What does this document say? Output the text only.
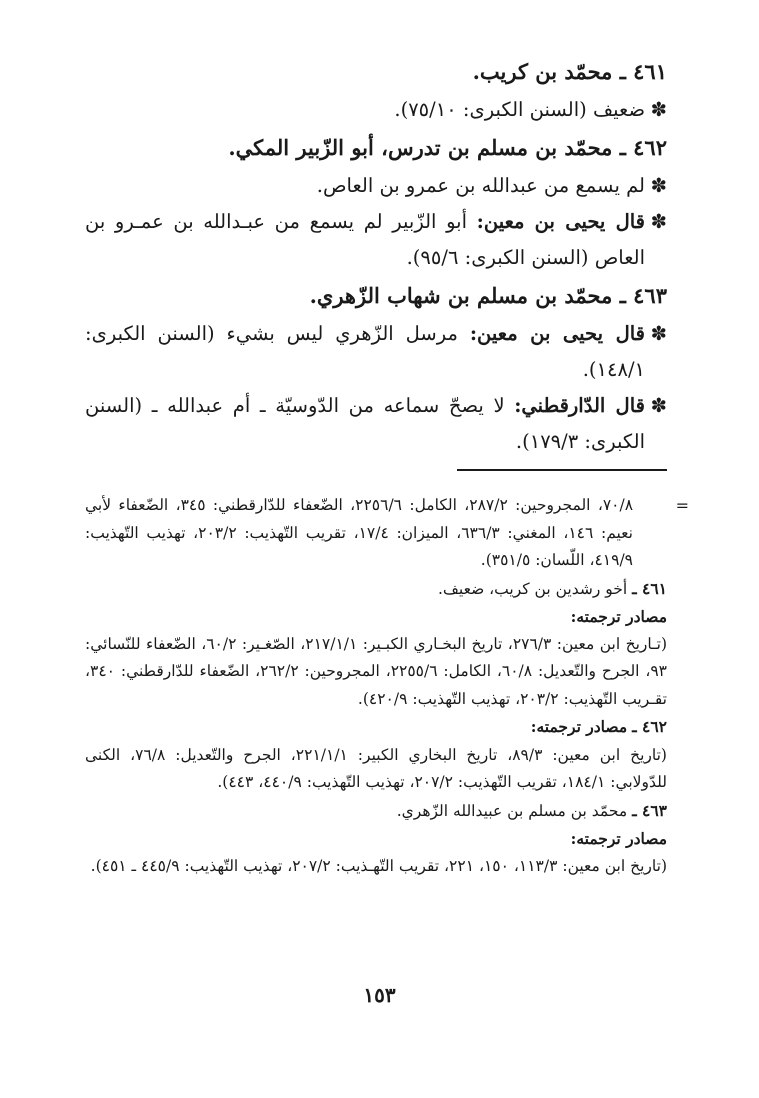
٤٦١ ـ محمّد بن كريب.
✽ضعيف (السنن الكبرى: ٧٥/١٠).
٤٦٢ ـ محمّد بن مسلم بن تدرس، أبو الزّبير المكي.
✽لم يسمع من عبدالله بن عمرو بن العاص.
✽قال يحيى بن معين: أبو الزّبير لم يسمع من عبـدالله بن عمـرو بن العاص (السنن الكبرى: ٩٥/٦).
٤٦٣ ـ محمّد بن مسلم بن شهاب الزّهري.
✽قال يحيى بن معين: مرسل الزّهري ليس بشيء (السنن الكبرى: ١٤٨/١).
✽قال الدّارقطني: لا يصحّ سماعه من الدّوسيّة ـ أم عبدالله ـ (السنن الكبرى: ١٧٩/٣).
=

٧٠/٨، المجروحين: ٢٨٧/٢، الكامل: ٢٢٥٦/٦، الضّعفاء للدّارقطني: ٣٤٥، الضّعفاء لأبي نعيم: ١٤٦، المغني: ٦٣٦/٣، الميزان: ١٧/٤، تقريب التّهذيب: ٢٠٣/٢، تهذيب التّهذيب: ٤١٩/٩، اللّسان: ٣٥١/٥).

٤٦١ ـ أخو رشدين بن كريب، ضعيف.

مصادر ترجمته:

(تـاريخ ابن معين: ٢٧٦/٣، تاريخ البخـاري الكبـير: ٢١٧/١/١، الصّغـير: ٦٠/٢، الضّعفاء للنّسائي: ٩٣، الجرح والتّعديل: ٦٠/٨، الكامل: ٢٢٥٥/٦، المجروحين: ٢٦٢/٢، الضّعفاء للدّارقطني: ٣٤٠، تقـريب التّهذيب: ٢٠٣/٢، تهذيب التّهذيب: ٤٢٠/٩).

٤٦٢ ـ مصادر ترجمته:

(تاريخ ابن معين: ٨٩/٣، تاريخ البخاري الكبير: ٢٢١/١/١، الجرح والتّعديل: ٧٦/٨، الكنى للدّولابي: ١٨٤/١، تقريب التّهذيب: ٢٠٧/٢، تهذيب التّهذيب: ٤٤٠/٩، ٤٤٣).

٤٦٣ ـ محمّد بن مسلم بن عبيدالله الزّهري.

مصادر ترجمته:

(تاريخ ابن معين: ١١٣/٣، ١٥٠، ٢٢١، تقريب التّهـذيب: ٢٠٧/٢، تهذيب التّهذيب: ٤٤٥/٩ ـ ٤٥١).

١٥٣
